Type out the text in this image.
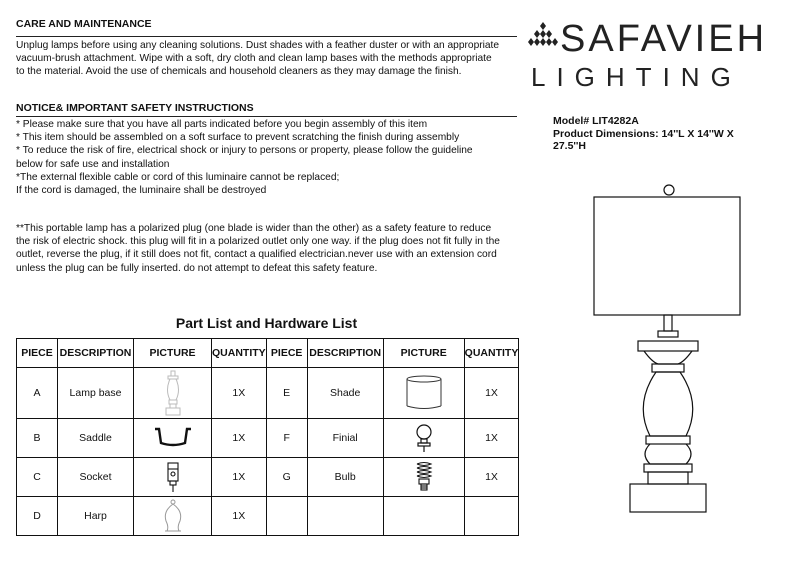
CARE AND MAINTENANCE

Unplug lamps before using any cleaning solutions. Dust shades with a feather duster or with an appropriate

vacuum-brush attachment. Wipe with a soft, dry cloth and clean lamp bases with the methods appropriate

to the material. Avoid the use of chemicals and household cleaners as they may damage the finish.

NOTICE& IMPORTANT SAFETY INSTRUCTIONS

* Please make sure that you have all parts indicated before you begin assembly of this item

* This item should be assembled on a soft surface to prevent scratching the finish during assembly

* To reduce the risk of fire, electrical shock or injury to persons or property, please follow the guideline

below for safe use and installation

*The external flexible cable or cord of this luminaire cannot be replaced;

If the cord is damaged, the luminaire shall be destroyed

**This portable lamp has a polarized plug (one blade is wider than the other) as a safety feature to reduce

the risk of electric shock. this plug will fit in a polarized outlet only one way. if the plug does not fit fully in the

outlet, reverse the plug, if it still does not fit, contact a qualified electrician.never use with an extension cord

unless the plug can be fully inserted. do not attempt to defeat this safety feature.

SAFAVIEH
LIGHTING
Model# LIT4282A
Product Dimensions: 14''L X 14''W X
27.5''H
Part List and Hardware List
PIECE	DESCRIPTION	PICTURE	QUANTITY	PIECE	DESCRIPTION	PICTURE	QUANTITY
A	Lamp base		1X	E	Shade		1X
B	Saddle		1X	F	Finial		1X
C	Socket		1X	G	Bulb		1X
D	Harp		1X				
